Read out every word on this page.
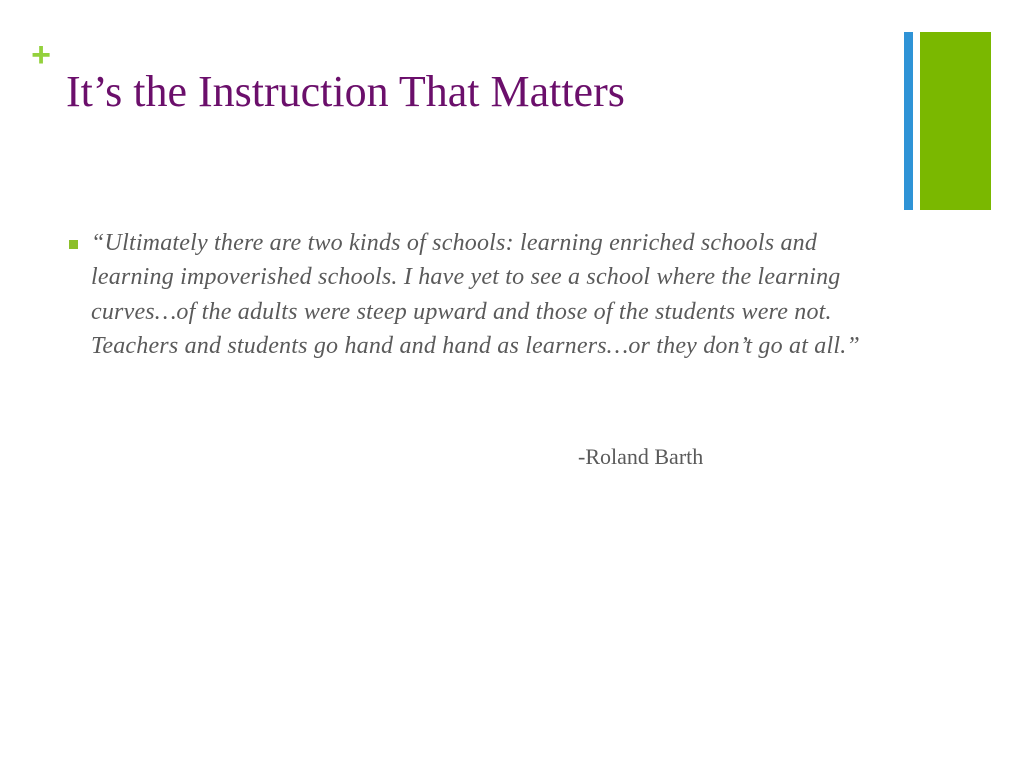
+
It’s the Instruction That Matters

“Ultimately there are two kinds of schools: learning enriched schools and learning impoverished schools. I have yet to see a school where the learning curves…of the adults were steep upward and those of the students were not. Teachers and students go hand and hand as learners…or they don’t go at all.”

-Roland Barth
